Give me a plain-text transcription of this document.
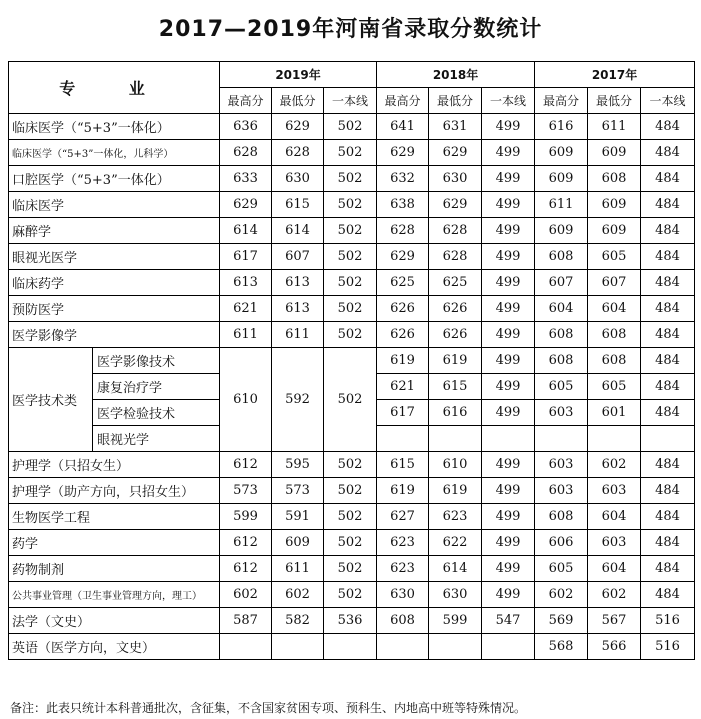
2017—2019年河南省录取分数统计
专 业		2019年			2018年			2017年		
		最高分	最低分	一本线	最高分	最低分	一本线	最高分	最低分	一本线
临床医学（“5+3”一体化）		636	629	502	641	631	499	616	611	484
临床医学（“5+3”一体化，儿科学）		628	628	502	629	629	499	609	609	484
口腔医学（“5+3”一体化）		633	630	502	632	630	499	609	608	484
临床医学		629	615	502	638	629	499	611	609	484
麻醉学		614	614	502	628	628	499	609	609	484
眼视光医学		617	607	502	629	628	499	608	605	484
临床药学		613	613	502	625	625	499	607	607	484
预防医学		621	613	502	626	626	499	604	604	484
医学影像学		611	611	502	626	626	499	608	608	484
医学技术类	医学影像技术	610	592	502	619	619	499	608	608	484
	康复治疗学				621	615	499	605	605	484
	医学检验技术				617	616	499	603	601	484
	眼视光学									
护理学（只招女生）		612	595	502	615	610	499	603	602	484
护理学（助产方向，只招女生）		573	573	502	619	619	499	603	603	484
生物医学工程		599	591	502	627	623	499	608	604	484
药学		612	609	502	623	622	499	606	603	484
药物制剂		612	611	502	623	614	499	605	604	484
公共事业管理（卫生事业管理方向，理工）		602	602	502	630	630	499	602	602	484
法学（文史）		587	582	536	608	599	547	569	567	516
英语（医学方向，文史）								568	566	516
备注：此表只统计本科普通批次，含征集，不含国家贫困专项、预科生、内地高中班等特殊情况。
